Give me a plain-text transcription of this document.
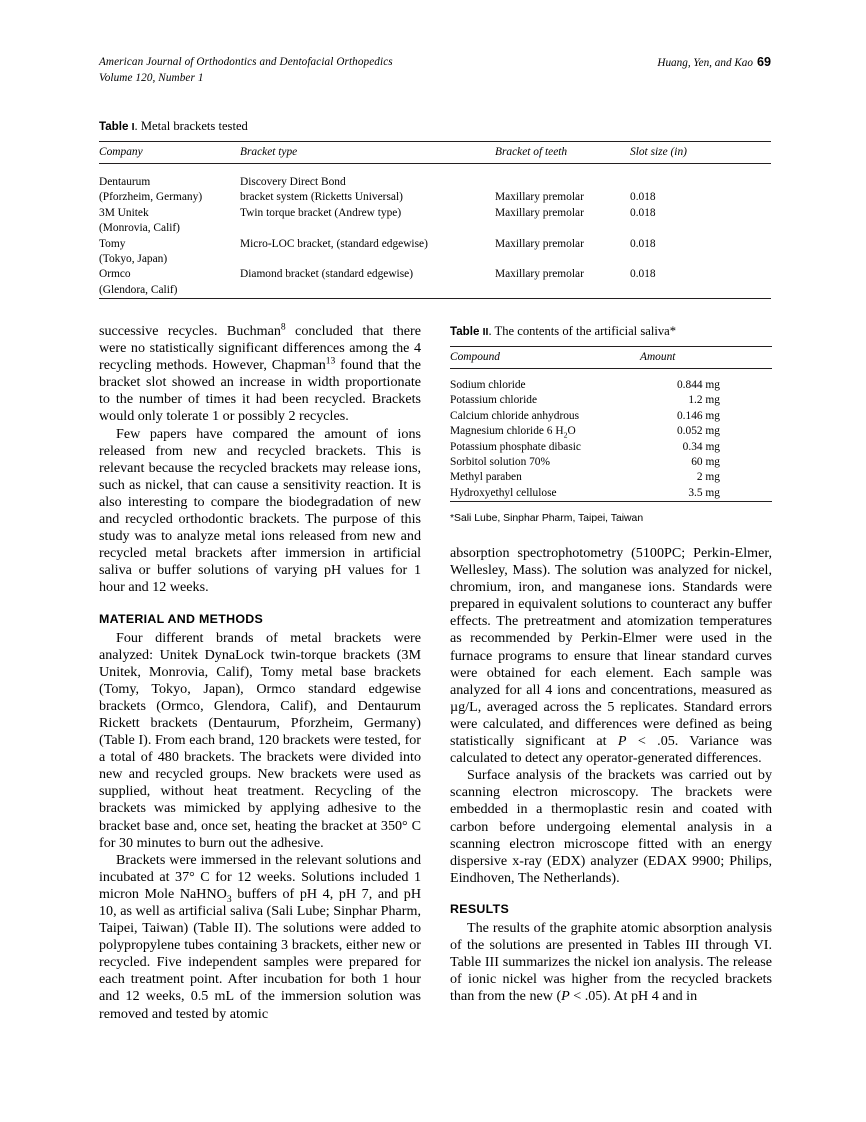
American Journal of Orthodontics and Dentofacial Orthopedics
Volume 120, Number 1
Huang, Yen, and Kao 69
Table I. Metal brackets tested
Company	Bracket type	Bracket of teeth	Slot size (in)

Dentaurum	Discovery Direct Bond		
(Pforzheim, Germany)	bracket system (Ricketts Universal)	Maxillary premolar	0.018
3M Unitek	Twin torque bracket (Andrew type)	Maxillary premolar	0.018
(Monrovia, Calif)			
Tomy	Micro-LOC bracket, (standard edgewise)	Maxillary premolar	0.018
(Tokyo, Japan)			
Ormco	Diamond bracket (standard edgewise)	Maxillary premolar	0.018
(Glendora, Calif)			

successive recycles. Buchman$^8$ concluded that there were no statistically significant differences among the 4 recycling methods. However, Chapman$^{13}$ found that the bracket slot showed an increase in width proportionate to the number of times it had been recycled. Brackets would only tolerate 1 or possibly 2 recycles.

Few papers have compared the amount of ions released from new and recycled brackets. This is relevant because the recycled brackets may release ions, such as nickel, that can cause a sensitivity reaction. It is also interesting to compare the biodegradation of new and recycled orthodontic brackets. The purpose of this study was to analyze metal ions released from new and recycled metal brackets after immersion in artificial saliva or buffer solutions of varying pH values for 1 hour and 12 weeks.

MATERIAL AND METHODS

Four different brands of metal brackets were analyzed: Unitek DynaLock twin-torque brackets (3M Unitek, Monrovia, Calif), Tomy metal base brackets (Tomy, Tokyo, Japan), Ormco standard edgewise brackets (Ormco, Glendora, Calif), and Dentaurum Rickett brackets (Dentaurum, Pforzheim, Germany) (Table I). From each brand, 120 brackets were tested, for a total of 480 brackets. The brackets were divided into new and recycled groups. New brackets were used as supplied, without heat treatment. Recycling of the brackets was mimicked by applying adhesive to the bracket base and, once set, heating the bracket at 350° C for 30 minutes to burn out the adhesive.

Brackets were immersed in the relevant solutions and incubated at 37° C for 12 weeks. Solutions included 1 micron Mole NaHNO$_3$ buffers of pH 4, pH 7, and pH 10, as well as artificial saliva (Sali Lube; Sinphar Pharm, Taipei, Taiwan) (Table II). The solutions were added to polypropylene tubes containing 3 brackets, either new or recycled. Five independent samples were prepared for each treatment point. After incubation for both 1 hour and 12 weeks, 0.5 mL of the immersion solution was removed and tested by atomic

Table II. The contents of the artificial saliva*
Compound	Amount

Sodium chloride	0.844 mg
Potassium chloride	1.2 mg
Calcium chloride anhydrous	0.146 mg
Magnesium chloride 6 $H_2O$	0.052 mg
Potassium phosphate dibasic	0.34 mg
Sorbitol solution 70%	60 mg
Methyl paraben	2 mg
Hydroxyethyl cellulose	3.5 mg

*Sali Lube, Sinphar Pharm, Taipei, Taiwan

absorption spectrophotometry (5100PC; Perkin-Elmer, Wellesley, Mass). The solution was analyzed for nickel, chromium, iron, and manganese ions. Standards were prepared in equivalent solutions to counteract any buffer effects. The pretreatment and atomization temperatures as recommended by Perkin-Elmer were used in the furnace programs to ensure that linear standard curves were obtained for each element. Each sample was analyzed for all 4 ions and concentrations, measured as µg/L, averaged across the 5 replicates. Standard errors were calculated, and differences were defined as being statistically significant at P < .05. Variance was calculated to detect any operator-generated differences.

Surface analysis of the brackets was carried out by scanning electron microscopy. The brackets were embedded in a thermoplastic resin and coated with carbon before undergoing elemental analysis in a scanning electron microscope fitted with an energy dispersive x-ray (EDX) analyzer (EDAX 9900; Philips, Eindhoven, The Netherlands).

RESULTS

The results of the graphite atomic absorption analysis of the solutions are presented in Tables III through VI. Table III summarizes the nickel ion analysis. The release of ionic nickel was higher from the recycled brackets than from the new (P < .05). At pH 4 and in
